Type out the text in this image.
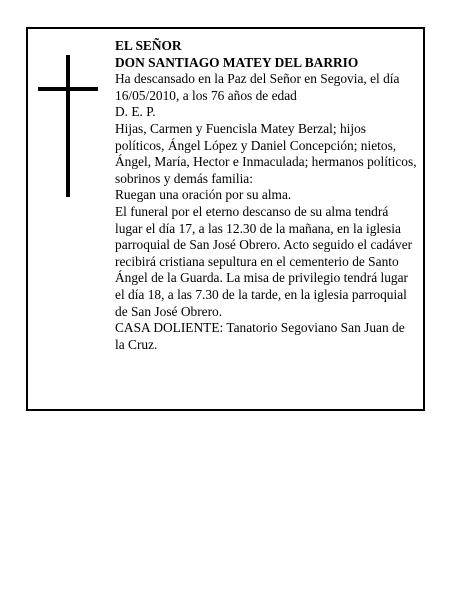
EL SEÑOR

DON SANTIAGO MATEY DEL BARRIO

Ha descansado en la Paz del Señor en Segovia, el día 16/05/2010, a los 76 años de edad

D. E. P.

Hijas, Carmen y Fuencisla Matey Berzal; hijos políticos, Ángel López y Daniel Concepción; nietos, Ángel, María, Hector e Inmaculada; hermanos políticos, sobrinos y demás familia:

Ruegan una oración por su alma.

El funeral por el eterno descanso de su alma tendrá lugar el día 17, a las 12.30 de la mañana, en la iglesia parroquial de San José Obrero. Acto seguido el cadáver recibirá cristiana sepultura en el cementerio de Santo Ángel de la Guarda. La misa de privilegio tendrá lugar el día 18, a las 7.30 de la tarde, en la iglesia parroquial de San José Obrero.

CASA DOLIENTE: Tanatorio Segoviano San Juan de la Cruz.
